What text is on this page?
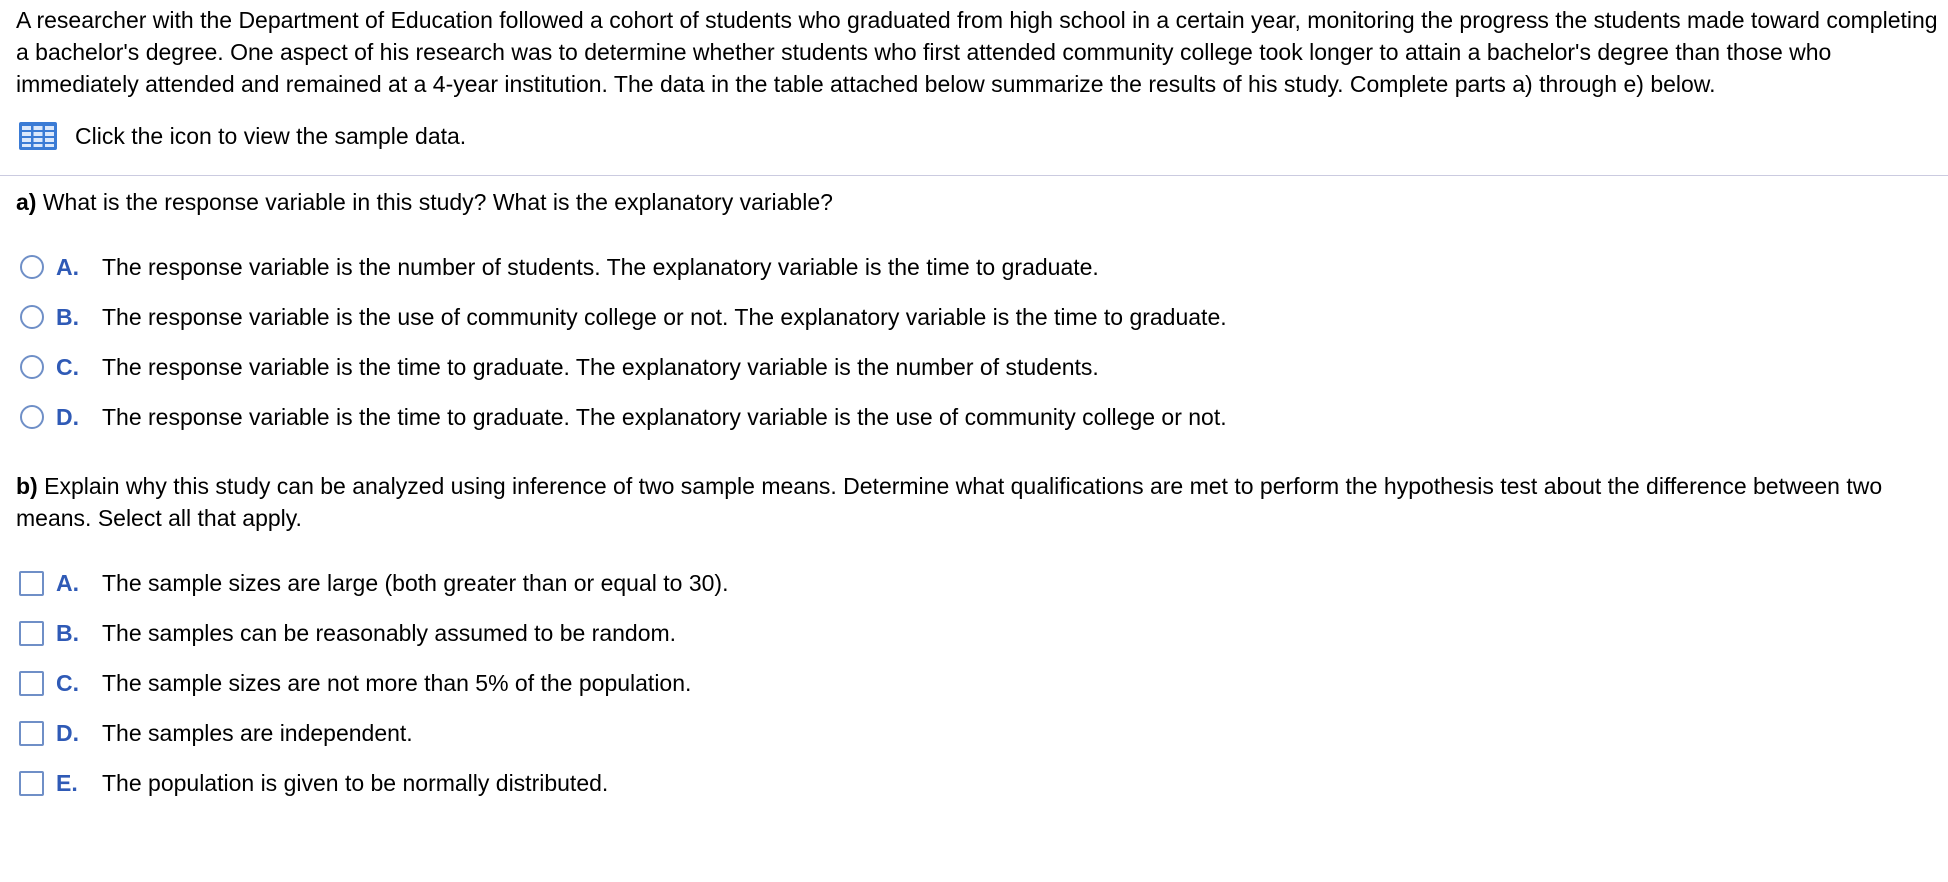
A researcher with the Department of Education followed a cohort of students who graduated from high school in a certain year, monitoring the progress the students made toward completing a bachelor's degree. One aspect of his research was to determine whether students who first attended community college took longer to attain a bachelor's degree than those who immediately attended and remained at a 4-year institution. The data in the table attached below summarize the results of his study. Complete parts a) through e) below.

Click the icon to view the sample data.
a) What is the response variable in this study? What is the explanatory variable?
A.	The response variable is the number of students. The explanatory variable is the time to graduate.
B.	The response variable is the use of community college or not. The explanatory variable is the time to graduate.
C.	The response variable is the time to graduate. The explanatory variable is the number of students.
D.	The response variable is the time to graduate. The explanatory variable is the use of community college or not.
b) Explain why this study can be analyzed using inference of two sample means. Determine what qualifications are met to perform the hypothesis test about the difference between two means. Select all that apply.
A.	The sample sizes are large (both greater than or equal to 30).
B.	The samples can be reasonably assumed to be random.
C.	The sample sizes are not more than 5% of the population.
D.	The samples are independent.
E.	The population is given to be normally distributed.
